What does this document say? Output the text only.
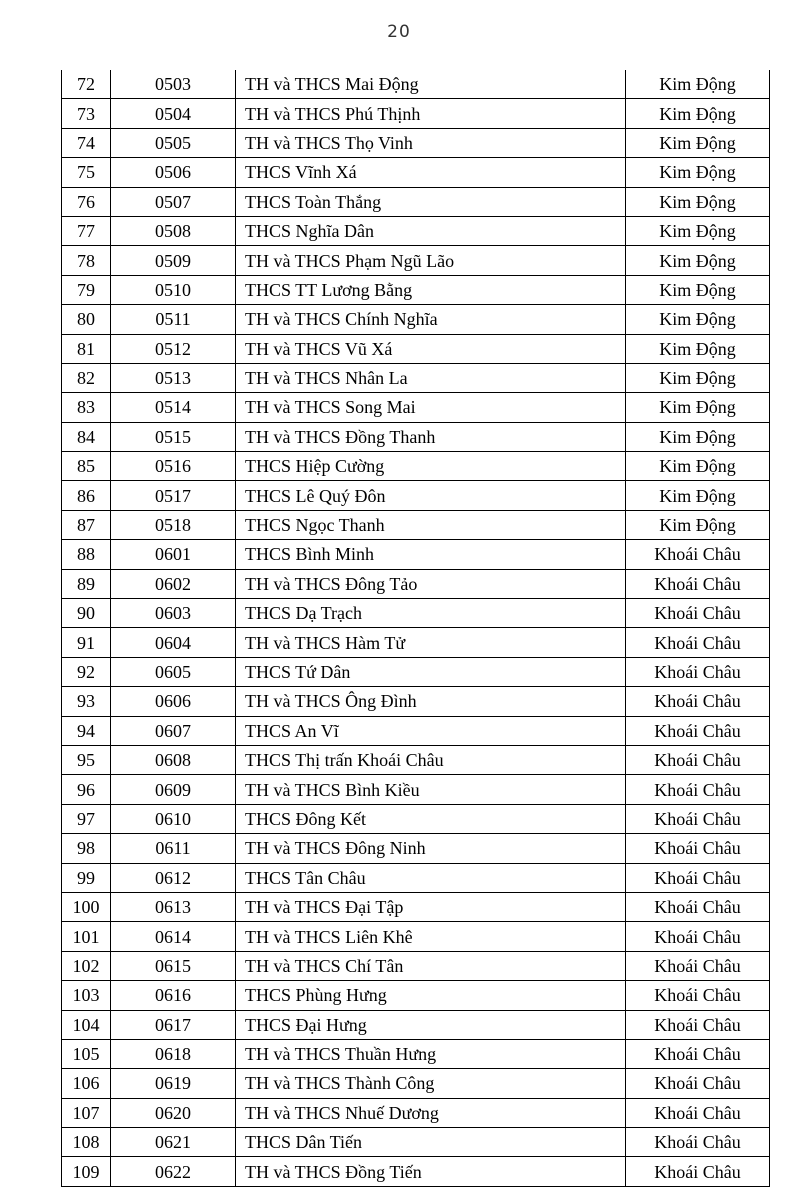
20
72	0503	TH và THCS Mai Động	Kim Động
73	0504	TH và THCS Phú Thịnh	Kim Động
74	0505	TH và THCS Thọ Vinh	Kim Động
75	0506	THCS Vĩnh Xá	Kim Động
76	0507	THCS Toàn Thắng	Kim Động
77	0508	THCS Nghĩa Dân	Kim Động
78	0509	TH và THCS Phạm Ngũ Lão	Kim Động
79	0510	THCS TT Lương Bằng	Kim Động
80	0511	TH và THCS Chính Nghĩa	Kim Động
81	0512	TH và THCS Vũ Xá	Kim Động
82	0513	TH và THCS Nhân La	Kim Động
83	0514	TH và THCS Song Mai	Kim Động
84	0515	TH và THCS Đồng Thanh	Kim Động
85	0516	THCS Hiệp Cường	Kim Động
86	0517	THCS Lê Quý Đôn	Kim Động
87	0518	THCS Ngọc Thanh	Kim Động
88	0601	THCS Bình Minh	Khoái Châu
89	0602	TH và THCS Đông Tảo	Khoái Châu
90	0603	THCS Dạ Trạch	Khoái Châu
91	0604	TH và THCS Hàm Tử	Khoái Châu
92	0605	THCS Tứ Dân	Khoái Châu
93	0606	TH và THCS Ông Đình	Khoái Châu
94	0607	THCS An Vĩ	Khoái Châu
95	0608	THCS Thị trấn Khoái Châu	Khoái Châu
96	0609	TH và THCS Bình Kiều	Khoái Châu
97	0610	THCS Đông Kết	Khoái Châu
98	0611	TH và THCS Đông Ninh	Khoái Châu
99	0612	THCS Tân Châu	Khoái Châu
100	0613	TH và THCS Đại Tập	Khoái Châu
101	0614	TH và THCS Liên Khê	Khoái Châu
102	0615	TH và THCS Chí Tân	Khoái Châu
103	0616	THCS Phùng Hưng	Khoái Châu
104	0617	THCS Đại Hưng	Khoái Châu
105	0618	TH và THCS Thuần Hưng	Khoái Châu
106	0619	TH và THCS Thành Công	Khoái Châu
107	0620	TH và THCS Nhuế Dương	Khoái Châu
108	0621	THCS Dân Tiến	Khoái Châu
109	0622	TH và THCS Đồng Tiến	Khoái Châu
